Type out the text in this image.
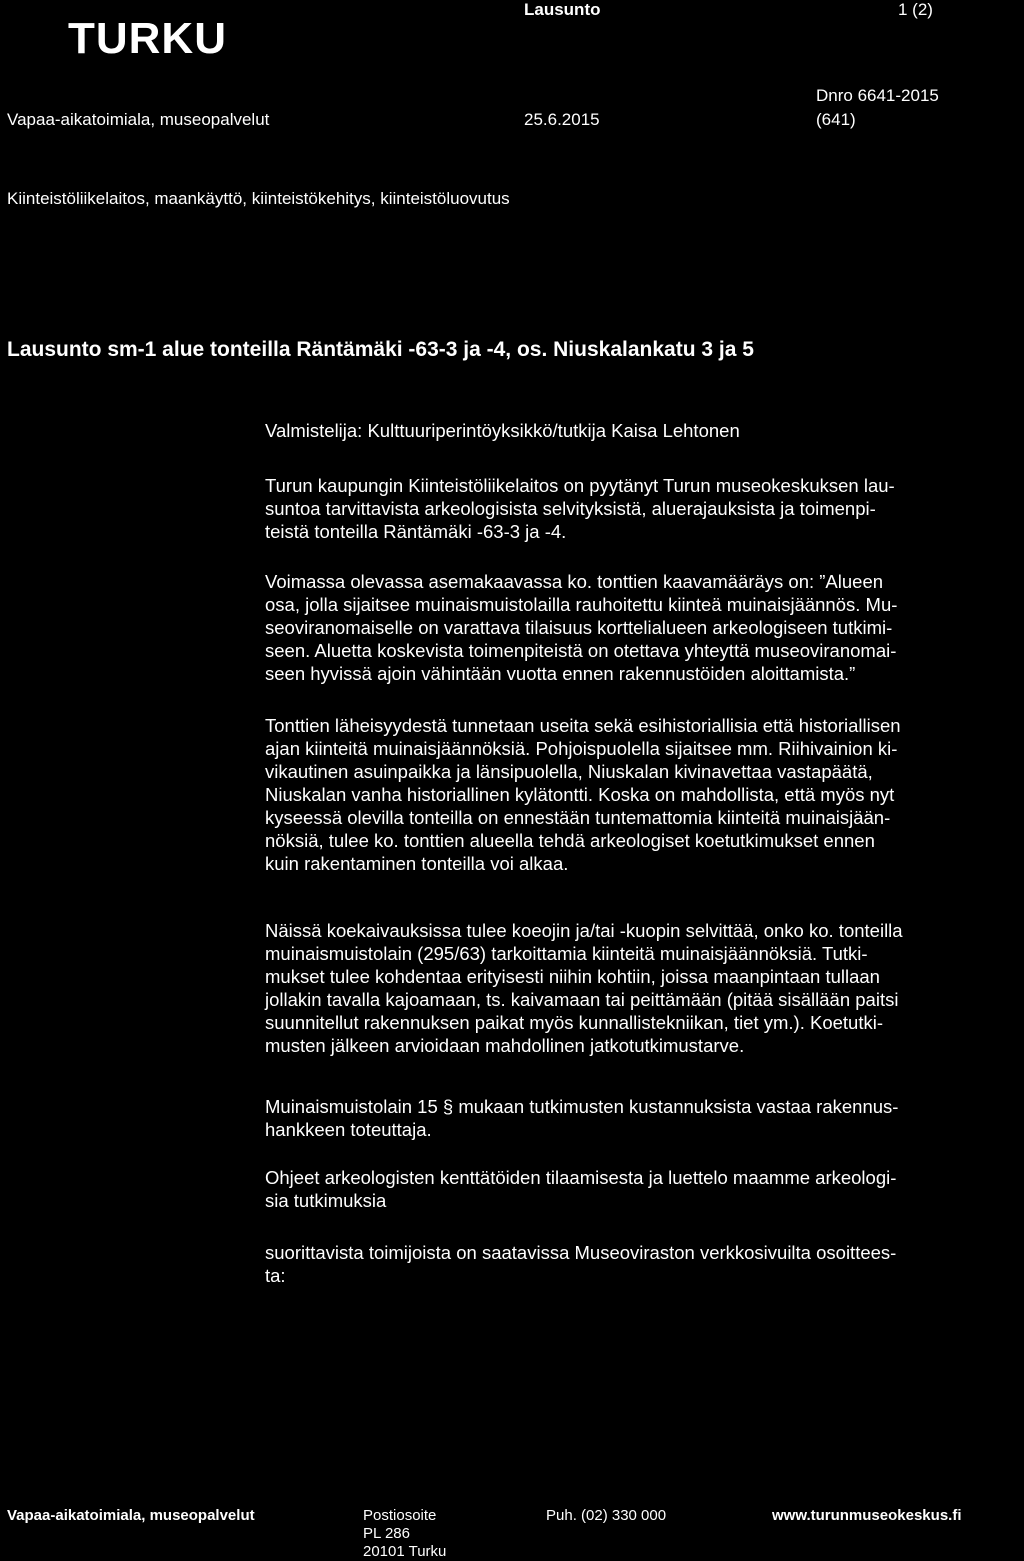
TURKU
Lausunto	1 (2)
Vapaa-aikatoimiala, museopalvelut	25.6.2015
Dnro 6641-2015
(641)
Kiinteistöliikelaitos, maankäyttö, kiinteistökehitys, kiinteistöluovutus
Lausunto sm-1 alue tonteilla Räntämäki -63-3 ja -4, os. Niuskalankatu 3 ja 5

Valmistelija: Kulttuuriperintöyksikkö/tutkija Kaisa Lehtonen

Turun kaupungin Kiinteistöliikelaitos on pyytänyt Turun museokeskuksen lau-
suntoa tarvittavista arkeologisista selvityksistä, aluerajauksista ja toimenpi-
teistä tonteilla Räntämäki -63-3 ja -4.

Voimassa olevassa asemakaavassa ko. tonttien kaavamääräys on: ”Alueen
osa, jolla sijaitsee muinaismuistolailla rauhoitettu kiinteä muinaisjäännös. Mu-
seoviranomaiselle on varattava tilaisuus korttelialueen arkeologiseen tutkimi-
seen. Aluetta koskevista toimenpiteistä on otettava yhteyttä museoviranomai-
seen hyvissä ajoin vähintään vuotta ennen rakennustöiden aloittamista.”

Tonttien läheisyydestä tunnetaan useita sekä esihistoriallisia että historiallisen
ajan kiinteitä muinaisjäännöksiä. Pohjoispuolella sijaitsee mm. Riihivainion ki-
vikautinen asuinpaikka ja länsipuolella, Niuskalan kivinavettaa vastapäätä,
Niuskalan vanha historiallinen kylätontti. Koska on mahdollista, että myös nyt
kyseessä olevilla tonteilla on ennestään tuntemattomia kiinteitä muinaisjään-
nöksiä, tulee ko. tonttien alueella tehdä arkeologiset koetutkimukset ennen
kuin rakentaminen tonteilla voi alkaa.

Näissä koekaivauksissa tulee koeojin ja/tai -kuopin selvittää, onko ko. tonteilla
muinaismuistolain (295/63) tarkoittamia kiinteitä muinaisjäännöksiä. Tutki-
mukset tulee kohdentaa erityisesti niihin kohtiin, joissa maanpintaan tullaan
jollakin tavalla kajoamaan, ts. kaivamaan tai peittämään (pitää sisällään paitsi
suunnitellut rakennuksen paikat myös kunnallistekniikan, tiet ym.). Koetutki-
musten jälkeen arvioidaan mahdollinen jatkotutkimustarve.

Muinaismuistolain 15 § mukaan tutkimusten kustannuksista vastaa rakennus-
hankkeen toteuttaja.

Ohjeet arkeologisten kenttätöiden tilaamisesta ja luettelo maamme arkeologi-
sia tutkimuksia

suorittavista toimijoista on saatavissa Museoviraston verkkosivuilta osoittees-
ta:

Vapaa-aikatoimiala, museopalvelut	Postiosoite
PL 286
20101 Turku
Puh. (02) 330 000	www.turunmuseokeskus.fi
